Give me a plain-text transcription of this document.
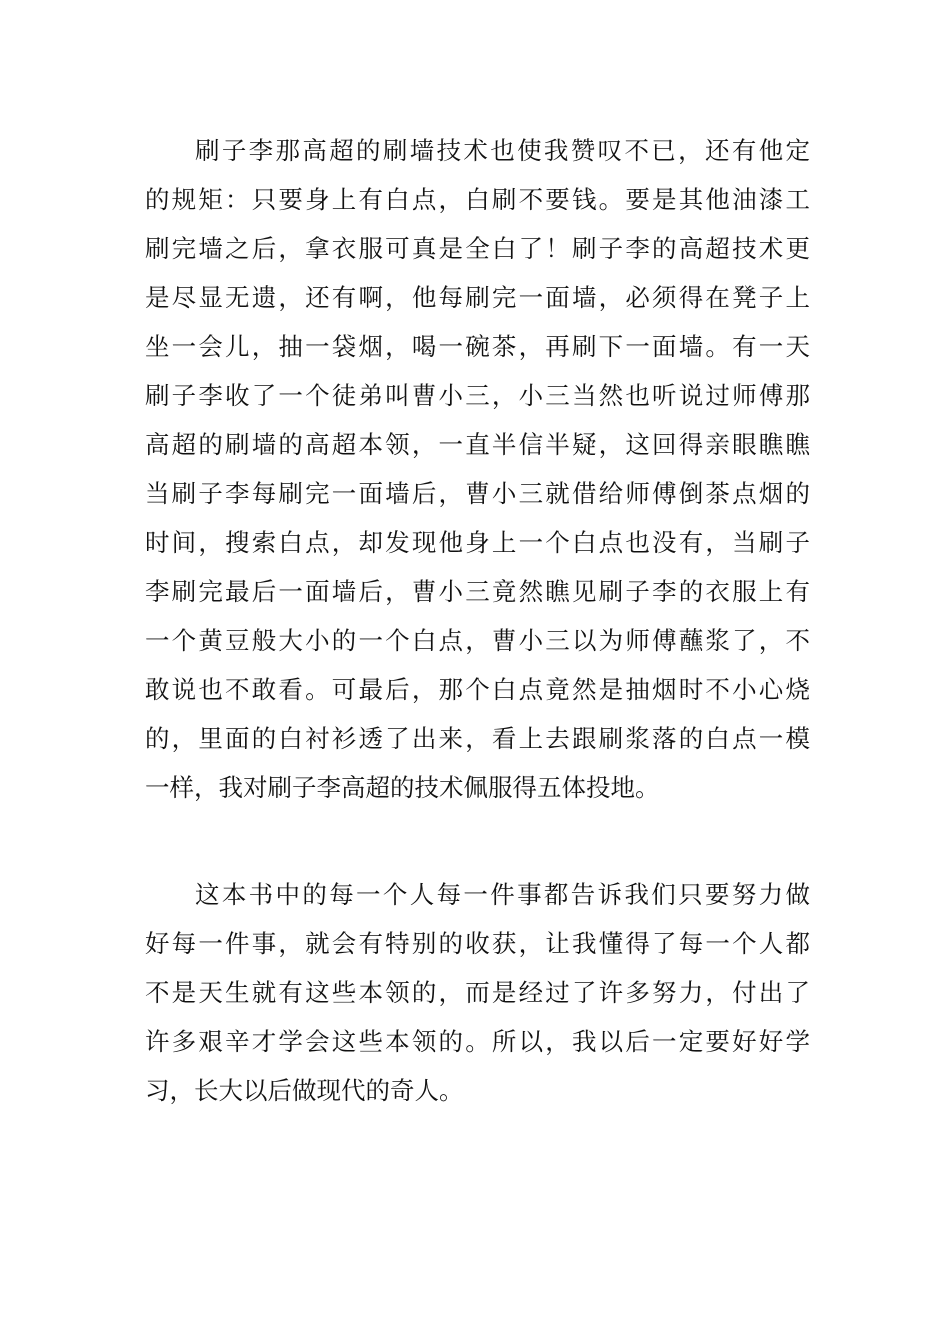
刷子李那高超的刷墙技术也使我赞叹不已，还有他定
的规矩：只要身上有白点，白刷不要钱。要是其他油漆工
刷完墙之后，拿衣服可真是全白了！刷子李的高超技术更
是尽显无遗，还有啊，他每刷完一面墙，必须得在凳子上
坐一会儿，抽一袋烟，喝一碗茶，再刷下一面墙。有一天
刷子李收了一个徒弟叫曹小三，小三当然也听说过师傅那
高超的刷墙的高超本领，一直半信半疑，这回得亲眼瞧瞧
当刷子李每刷完一面墙后，曹小三就借给师傅倒茶点烟的
时间，搜索白点，却发现他身上一个白点也没有，当刷子
李刷完最后一面墙后，曹小三竟然瞧见刷子李的衣服上有
一个黄豆般大小的一个白点，曹小三以为师傅蘸浆了，不
敢说也不敢看。可最后，那个白点竟然是抽烟时不小心烧
的，里面的白衬衫透了出来，看上去跟刷浆落的白点一模
一样，我对刷子李高超的技术佩服得五体投地。
这本书中的每一个人每一件事都告诉我们只要努力做
好每一件事，就会有特别的收获，让我懂得了每一个人都
不是天生就有这些本领的，而是经过了许多努力，付出了
许多艰辛才学会这些本领的。所以，我以后一定要好好学
习，长大以后做现代的奇人。
